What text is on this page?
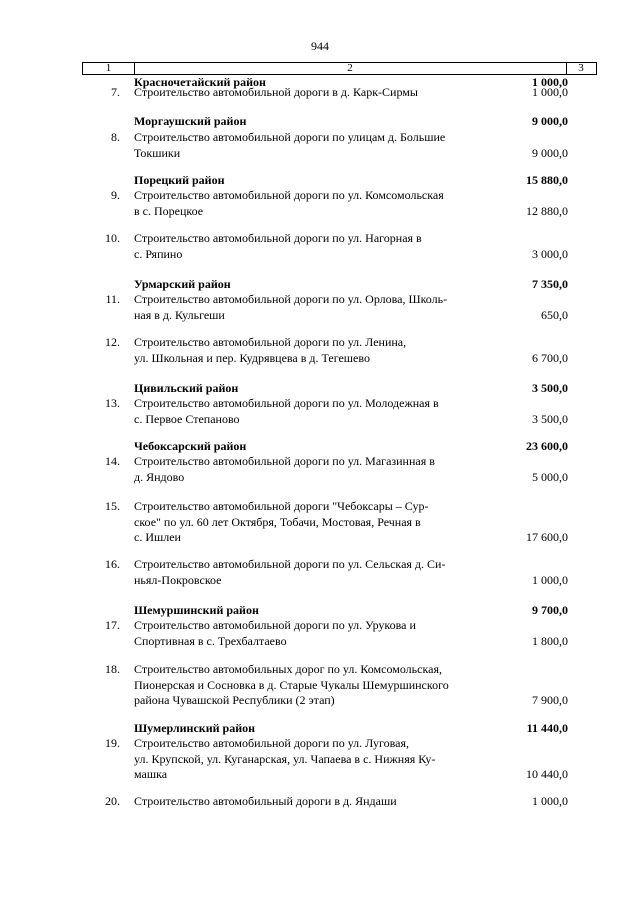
944
1	2	3
Красночетайский район	1 000,0
7. Строительство автомобильной дороги в д. Карк-Сирмы	1 000,0
Моргаушский район	9 000,0
8. Строительство автомобильной дороги по улицам д. Большие
Токшики	9 000,0
Порецкий район	15 880,0
9. Строительство автомобильной дороги по ул. Комсомольская
в с. Порецкое	12 880,0
10. Строительство автомобильной дороги по ул. Нагорная в
с. Ряпино	3 000,0
Урмарский район	7 350,0
11. Строительство автомобильной дороги по ул. Орлова, Школь-
ная в д. Кульгеши	650,0
12. Строительство автомобильной дороги по ул. Ленина,
ул. Школьная и пер. Кудрявцева в д. Тегешево	6 700,0
Цивильский район	3 500,0
13. Строительство автомобильной дороги по ул. Молодежная в
с. Первое Степаново	3 500,0
Чебоксарский район	23 600,0
14. Строительство автомобильной дороги по ул. Магазинная в
д. Яндово	5 000,0
15. Строительство автомобильной дороги "Чебоксары – Сур-
ское" по ул. 60 лет Октября, Тобачи, Мостовая, Речная в
с. Ишлеи	17 600,0
16. Строительство автомобильной дороги по ул. Сельская д. Си-
ньял-Покровское	1 000,0
Шемуршинский район	9 700,0
17. Строительство автомобильной дороги по ул. Урукова и
Спортивная в с. Трехбалтаево	1 800,0
18. Строительство автомобильных дорог по ул. Комсомольская,
Пионерская и Сосновка в д. Старые Чукалы Шемуршинского
района Чувашской Республики (2 этап)	7 900,0
Шумерлинский район	11 440,0
19. Строительство автомобильной дороги по ул. Луговая,
ул. Крупской, ул. Куганарская, ул. Чапаева в с. Нижняя Ку-
машка	10 440,0
20. Строительство автомобильный дороги в д. Яндаши	1 000,0
